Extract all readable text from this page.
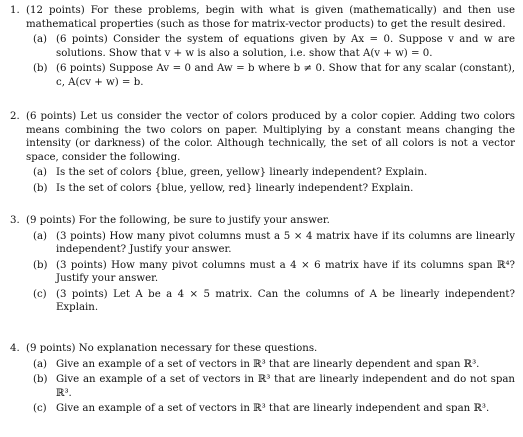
1. (12 points) For these problems, begin with what is given (mathematically) and then use mathematical properties (such as those for matrix-vector products) to get the result desired.
(a) (6 points) Consider the system of equations given by Ax = 0. Suppose v and w are solutions. Show that v + w is also a solution, i.e. show that A(v + w) = 0.
(b) (6 points) Suppose Av = 0 and Aw = b where b ≠ 0. Show that for any scalar (constant), c, A(cv + w) = b.
2. (6 points) Let us consider the vector of colors produced by a color copier. Adding two colors means combining the two colors on paper. Multiplying by a constant means changing the intensity (or darkness) of the color. Although technically, the set of all colors is not a vector space, consider the following.
(a) Is the set of colors {blue, green, yellow} linearly independent? Explain.
(b) Is the set of colors {blue, yellow, red} linearly independent? Explain.
3. (9 points) For the following, be sure to justify your answer.
(a) (3 points) How many pivot columns must a 5 × 4 matrix have if its columns are linearly independent? Justify your answer.
(b) (3 points) How many pivot columns must a 4 × 6 matrix have if its columns span ℝ⁴? Justify your answer.
(c) (3 points) Let A be a 4 × 5 matrix. Can the columns of A be linearly independent? Explain.
4. (9 points) No explanation necessary for these questions.
(a) Give an example of a set of vectors in ℝ³ that are linearly dependent and span ℝ³.
(b) Give an example of a set of vectors in ℝ³ that are linearly independent and do not span ℝ³.
(c) Give an example of a set of vectors in ℝ³ that are linearly independent and span ℝ³.
